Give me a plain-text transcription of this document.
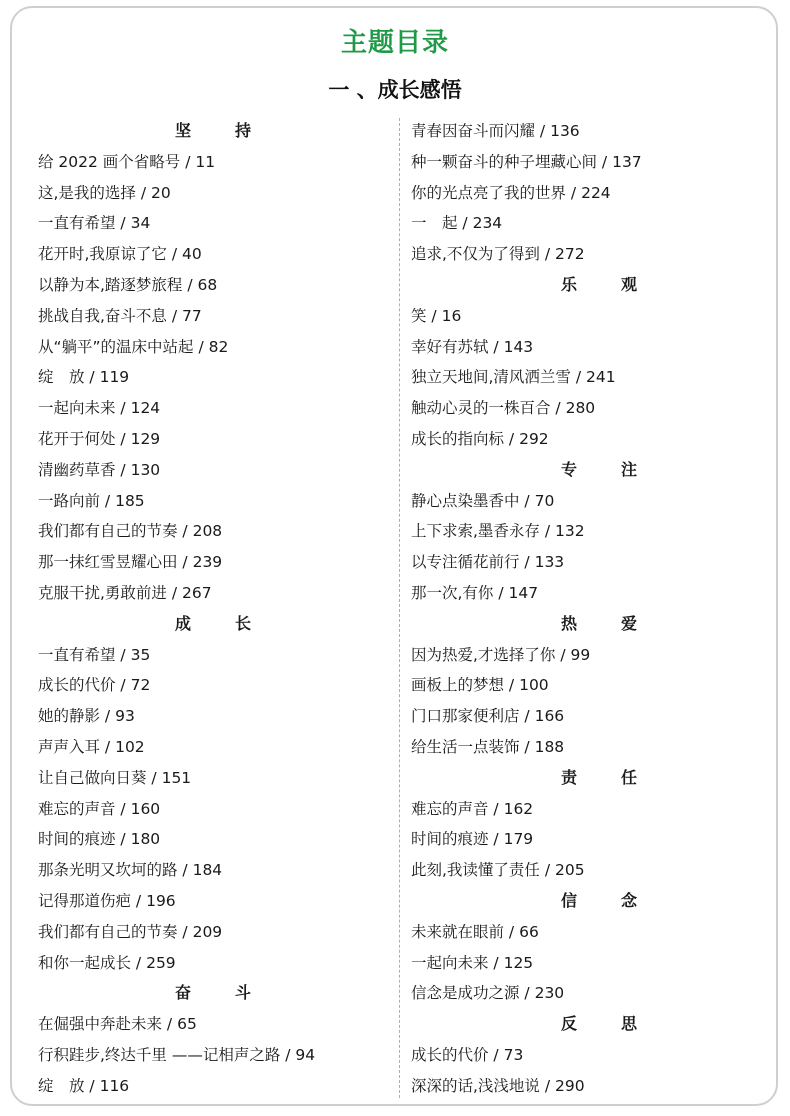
主题目录
一 、成长感悟
坚　持
给 2022 画个省略号 / 11
这,是我的选择 / 20
一直有希望 / 34
花开时,我原谅了它 / 40
以静为本,踏逐梦旅程 / 68
挑战自我,奋斗不息 / 77
从“躺平”的温床中站起 / 82
绽　放 / 119
一起向未来 / 124
花开于何处 / 129
清幽药草香 / 130
一路向前 / 185
我们都有自己的节奏 / 208
那一抹红雪昱耀心田 / 239
克服干扰,勇敢前进 / 267
成　长
一直有希望 / 35
成长的代价 / 72
她的静影 / 93
声声入耳 / 102
让自己做向日葵 / 151
难忘的声音 / 160
时间的痕迹 / 180
那条光明又坎坷的路 / 184
记得那道伤疤 / 196
我们都有自己的节奏 / 209
和你一起成长 / 259
奋　斗
在倔强中奔赴未来 / 65
行积跬步,终达千里 ——记相声之路 / 94
绽　放 / 116
青春因奋斗而闪耀 / 136
种一颗奋斗的种子埋藏心间 / 137
你的光点亮了我的世界 / 224
一　起 / 234
追求,不仅为了得到 / 272
乐　观
笑 / 16
幸好有苏轼 / 143
独立天地间,清风洒兰雪 / 241
触动心灵的一株百合 / 280
成长的指向标 / 292
专　注
静心点染墨香中 / 70
上下求索,墨香永存 / 132
以专注循花前行 / 133
那一次,有你 / 147
热　爱
因为热爱,才选择了你 / 99
画板上的梦想 / 100
门口那家便利店 / 166
给生活一点装饰 / 188
责　任
难忘的声音 / 162
时间的痕迹 / 179
此刻,我读懂了责任 / 205
信　念
未来就在眼前 / 66
一起向未来 / 125
信念是成功之源 / 230
反　思
成长的代价 / 73
深深的话,浅浅地说 / 290
